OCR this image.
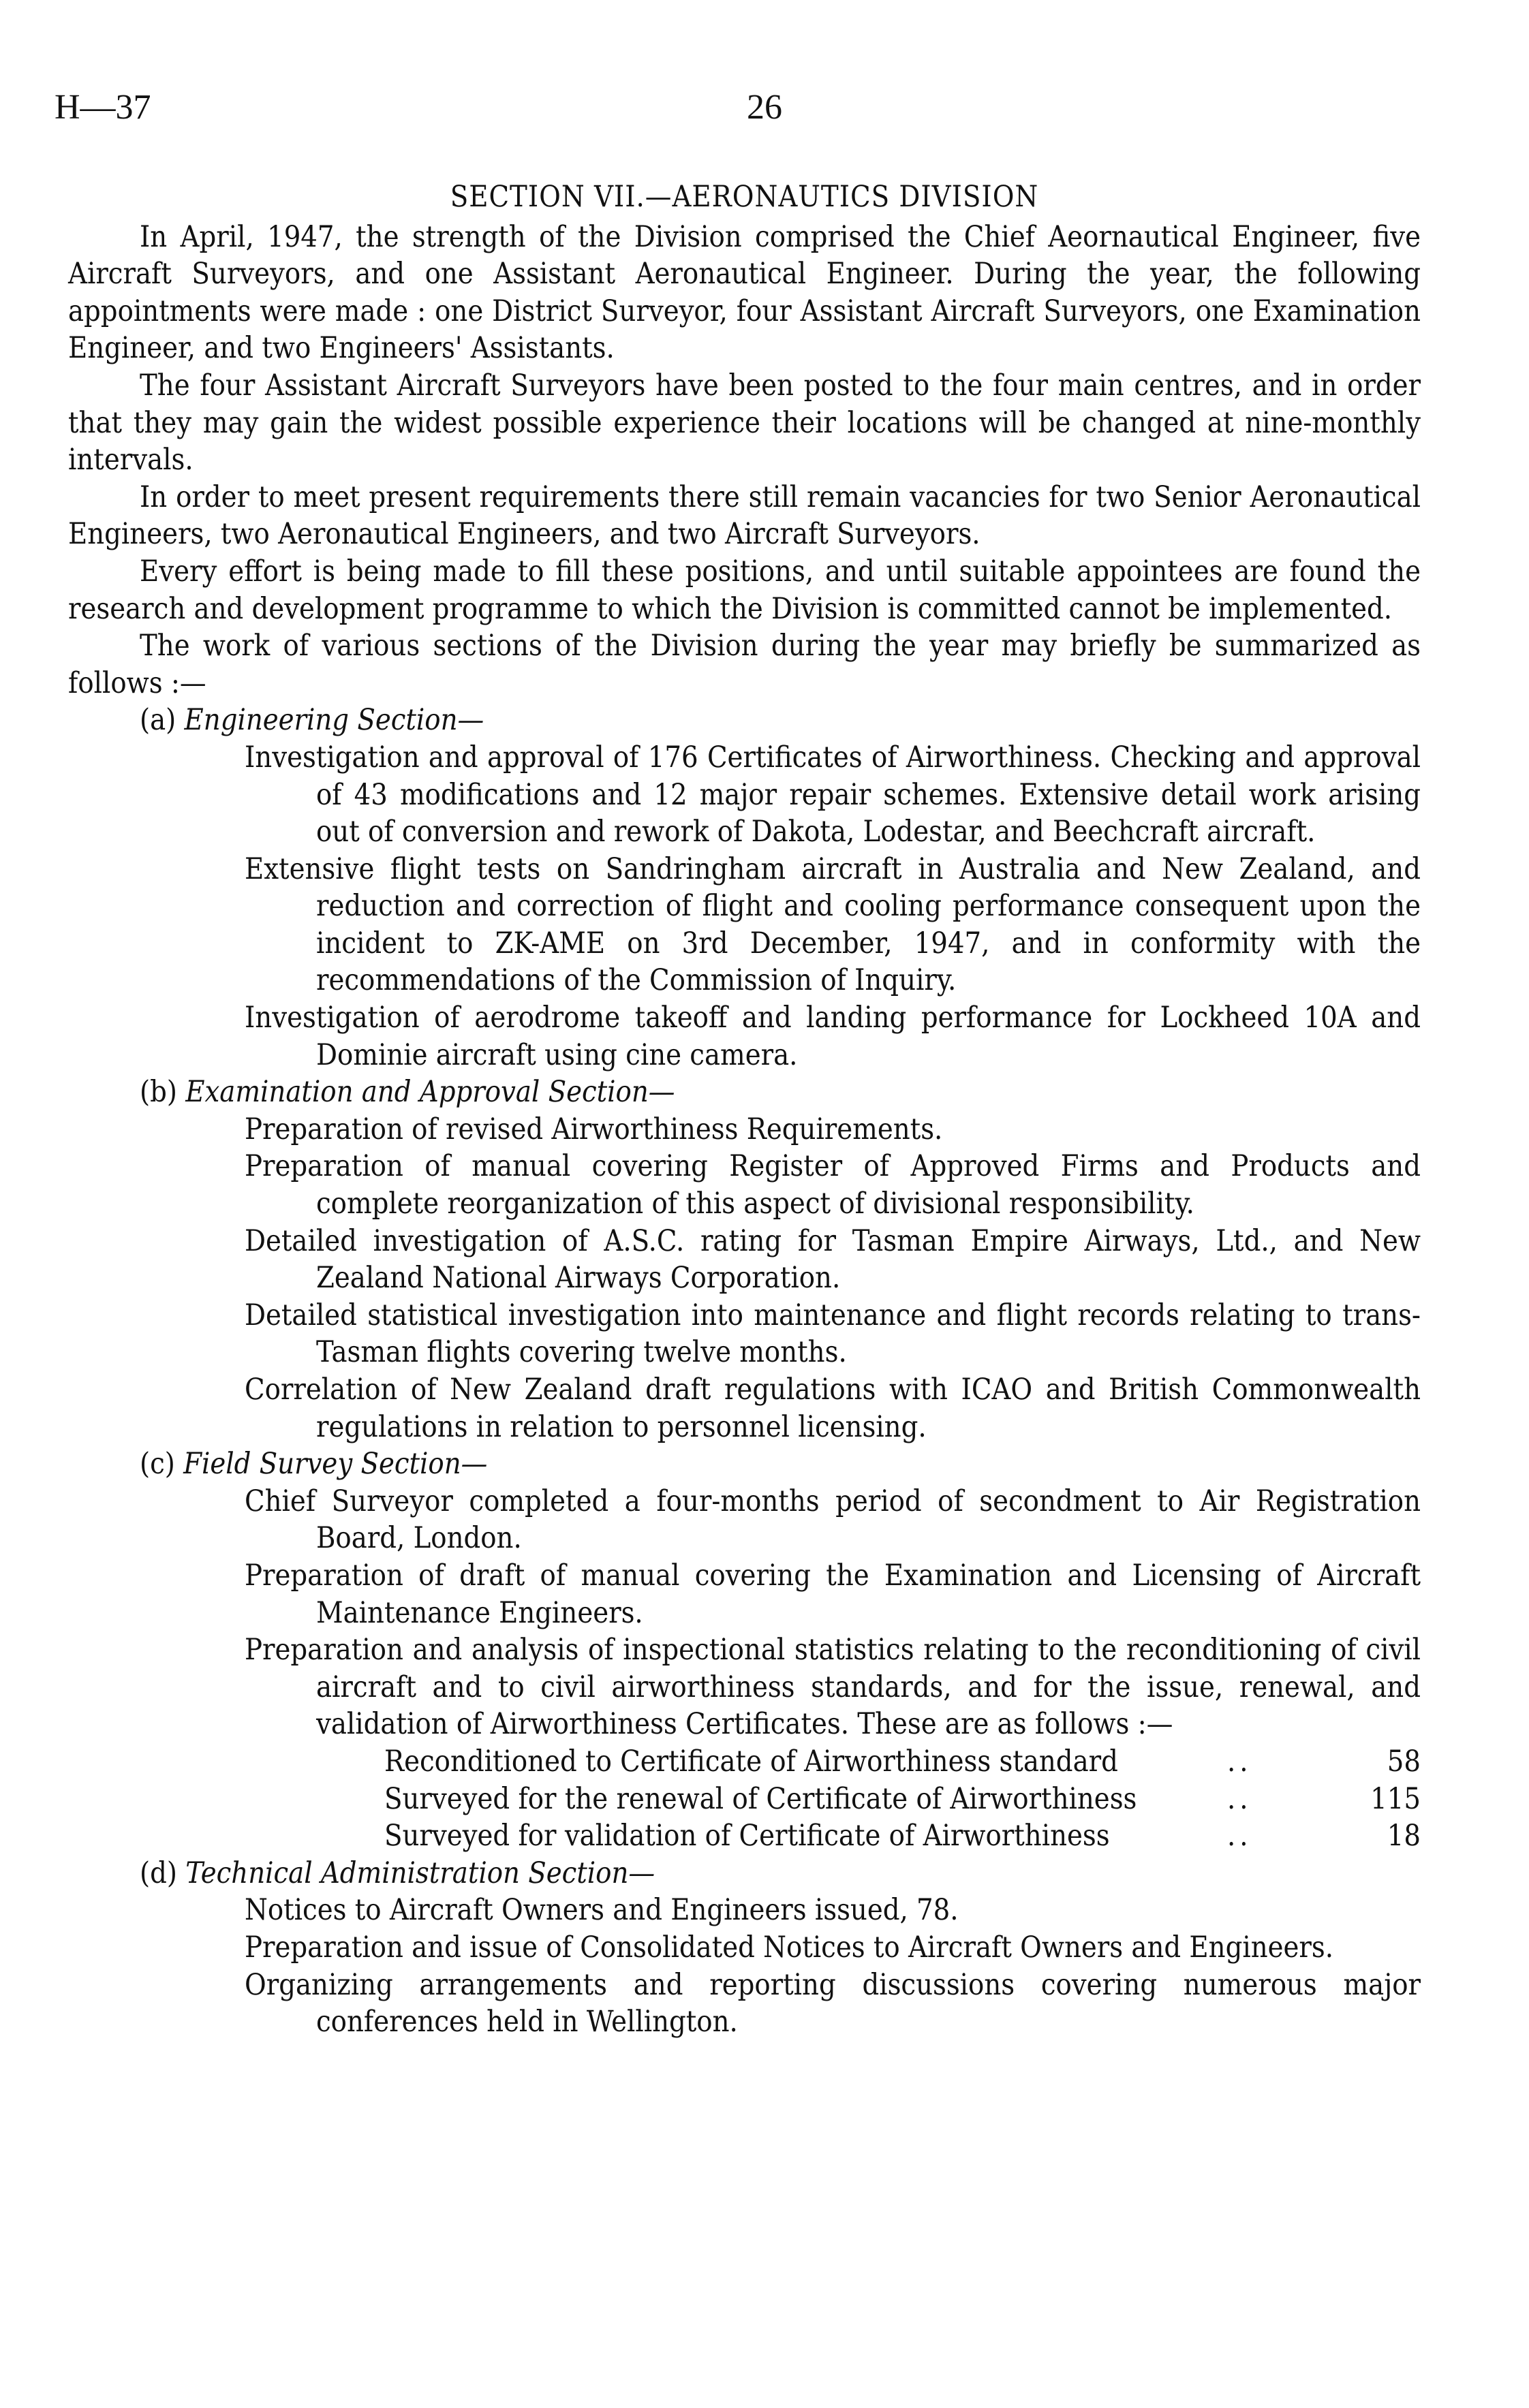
H—37	26
SECTION VII.—AERONAUTICS DIVISION

In April, 1947, the strength of the Division comprised the Chief Aeornautical Engineer, five Aircraft Surveyors, and one Assistant Aeronautical Engineer. During the year, the following appointments were made : one District Surveyor, four Assistant Aircraft Surveyors, one Examination Engineer, and two Engineers' Assistants.

The four Assistant Aircraft Surveyors have been posted to the four main centres, and in order that they may gain the widest possible experience their locations will be changed at nine-monthly intervals.

In order to meet present requirements there still remain vacancies for two Senior Aeronautical Engineers, two Aeronautical Engineers, and two Aircraft Surveyors.

Every effort is being made to fill these positions, and until suitable appointees are found the research and development programme to which the Division is committed cannot be implemented.

The work of various sections of the Division during the year may briefly be summarized as follows :—

(a) Engineering Section—

Investigation and approval of 176 Certificates of Airworthiness. Checking and approval of 43 modifications and 12 major repair schemes. Extensive detail work arising out of conversion and rework of Dakota, Lodestar, and Beechcraft aircraft.

Extensive flight tests on Sandringham aircraft in Australia and New Zealand, and reduction and correction of flight and cooling performance consequent upon the incident to ZK-AME on 3rd December, 1947, and in conformity with the recommendations of the Commission of Inquiry.

Investigation of aerodrome takeoff and landing performance for Lockheed 10A and Dominie aircraft using cine camera.

(b) Examination and Approval Section—

Preparation of revised Airworthiness Requirements.

Preparation of manual covering Register of Approved Firms and Products and complete reorganization of this aspect of divisional responsibility.

Detailed investigation of A.S.C. rating for Tasman Empire Airways, Ltd., and New Zealand National Airways Corporation.

Detailed statistical investigation into maintenance and flight records relating to trans-Tasman flights covering twelve months.

Correlation of New Zealand draft regulations with ICAO and British Commonwealth regulations in relation to personnel licensing.

(c) Field Survey Section—

Chief Surveyor completed a four-months period of secondment to Air Registration Board, London.

Preparation of draft of manual covering the Examination and Licensing of Aircraft Maintenance Engineers.

Preparation and analysis of inspectional statistics relating to the reconditioning of civil aircraft and to civil airworthiness standards, and for the issue, renewal, and validation of Airworthiness Certificates. These are as follows :—

Reconditioned to Certificate of Airworthiness standard	..	58
Surveyed for the renewal of Certificate of Airworthiness	..	115
Surveyed for validation of Certificate of Airworthiness	..	18
(d) Technical Administration Section—

Notices to Aircraft Owners and Engineers issued, 78.

Preparation and issue of Consolidated Notices to Aircraft Owners and Engineers.

Organizing arrangements and reporting discussions covering numerous major conferences held in Wellington.
